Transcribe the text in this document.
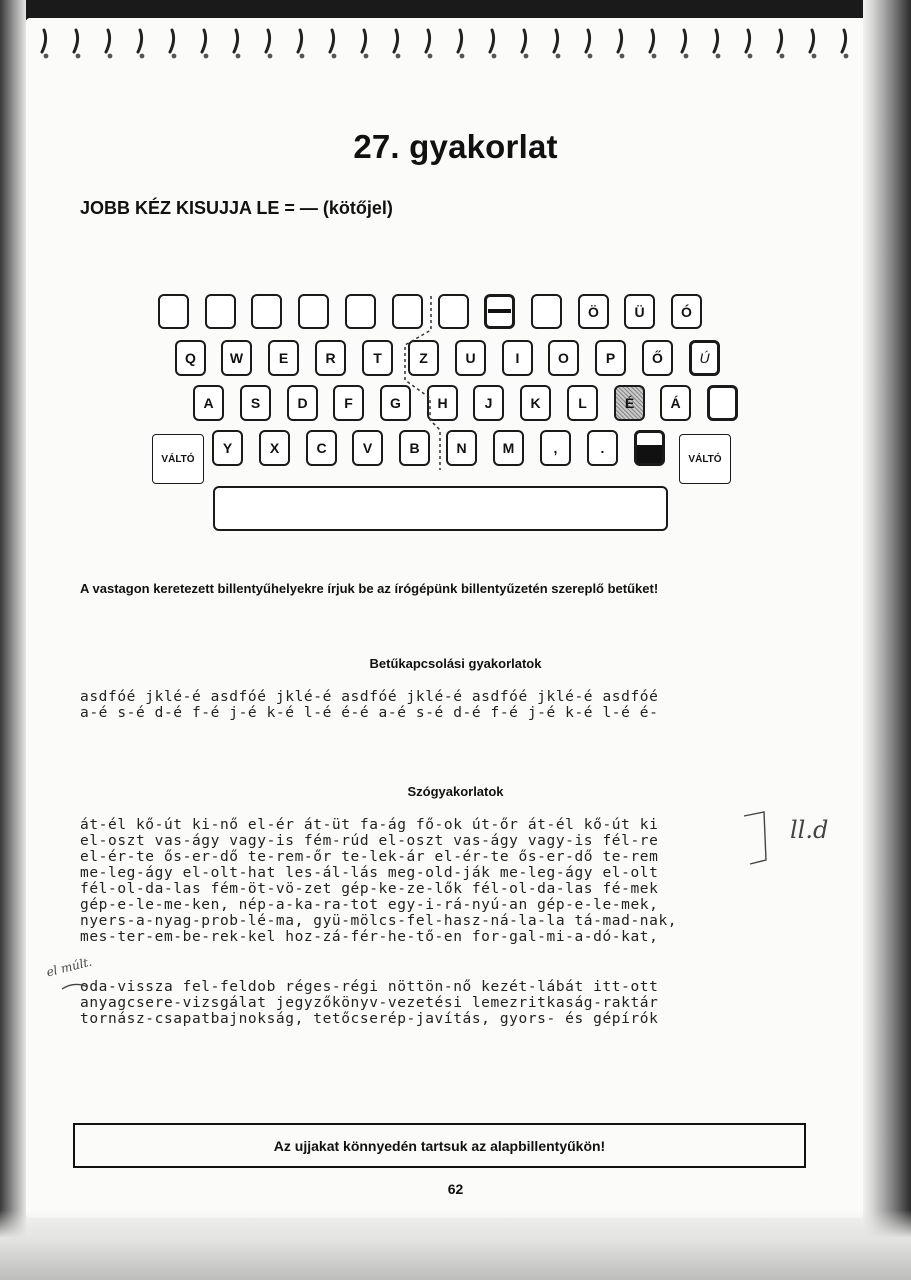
27. gyakorlat
JOBB KÉZ KISUJJA LE = — (kötőjel)
Ö	Ü	Ó
Q	W	E	R	T	Z	U	I	O	P	Ő	Ú
A	S	D	F	G	H	J	K	L	É	Á
VÁLTÓ
Y	X	C	V	B	N	M	,	.
VÁLTÓ
A vastagon keretezett billentyűhelyekre írjuk be az írógépünk billentyűzetén szereplő betűket!
Betűkapcsolási gyakorlatok
asdfóé jklé-é asdfóé jklé-é asdfóé jklé-é asdfóé jklé-é asdfóé
a-é s-é d-é f-é j-é k-é l-é é-é a-é s-é d-é f-é j-é k-é l-é é-
Szógyakorlatok
át-él kő-út ki-nő el-ér át-üt fa-ág fő-ok út-őr át-él kő-út ki
el-oszt vas-ágy vagy-is fém-rúd el-oszt vas-ágy vagy-is fél-re
el-ér-te ős-er-dő te-rem-őr te-lek-ár el-ér-te ős-er-dő te-rem
me-leg-ágy el-olt-hat les-ál-lás meg-old-ják me-leg-ágy el-olt
fél-ol-da-las fém-öt-vö-zet gép-ke-ze-lők fél-ol-da-las fé-mek
gép-e-le-me-ken, nép-a-ka-ra-tot egy-i-rá-nyú-an gép-e-le-mek,
nyers-a-nyag-prob-lé-ma, gyü-mölcs-fel-hasz-ná-la-la tá-mad-nak,
mes-ter-em-be-rek-kel hoz-zá-fér-he-tő-en for-gal-mi-a-dó-kat,
oda-vissza fel-feldob réges-régi nöttön-nő kezét-lábát itt-ott
anyagcsere-vizsgálat jegyzőkönyv-vezetési lemezritkaság-raktár
tornász-csapatbajnokság, tetőcserép-javítás, gyors- és gépírók
ll.d
el múlt.
Az ujjakat könnyedén tartsuk az alapbillentyűkön!
62
